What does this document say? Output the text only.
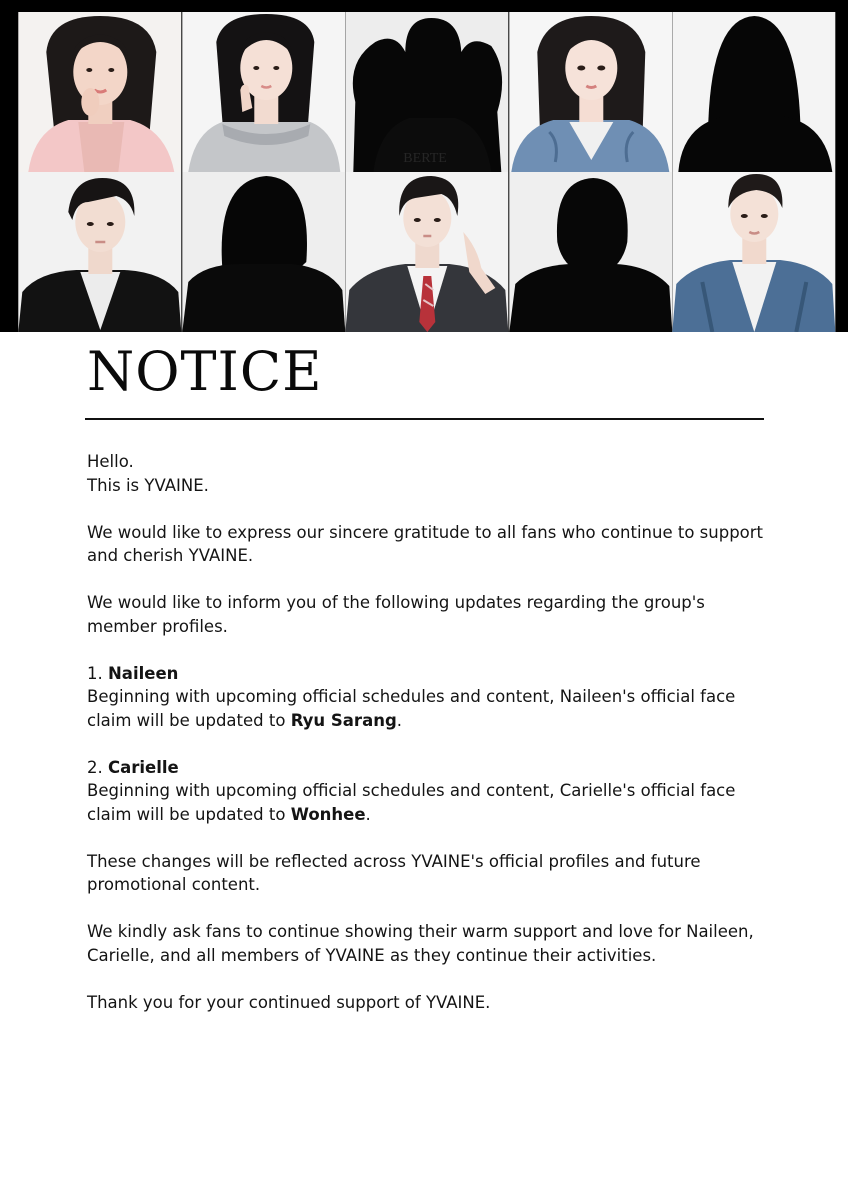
BERTE
NOTICE

Hello.
This is YVAINE.

We would like to express our sincere gratitude to all fans who continue to support and cherish YVAINE.

We would like to inform you of the following updates regarding the group's member profiles.

1. Naileen
Beginning with upcoming official schedules and content, Naileen's official face claim will be updated to Ryu Sarang.

2. Carielle
Beginning with upcoming official schedules and content, Carielle's official face claim will be updated to Wonhee.

These changes will be reflected across YVAINE's official profiles and future promotional content.

We kindly ask fans to continue showing their warm support and love for Naileen, Carielle, and all members of YVAINE as they continue their activities.

Thank you for your continued support of YVAINE.
